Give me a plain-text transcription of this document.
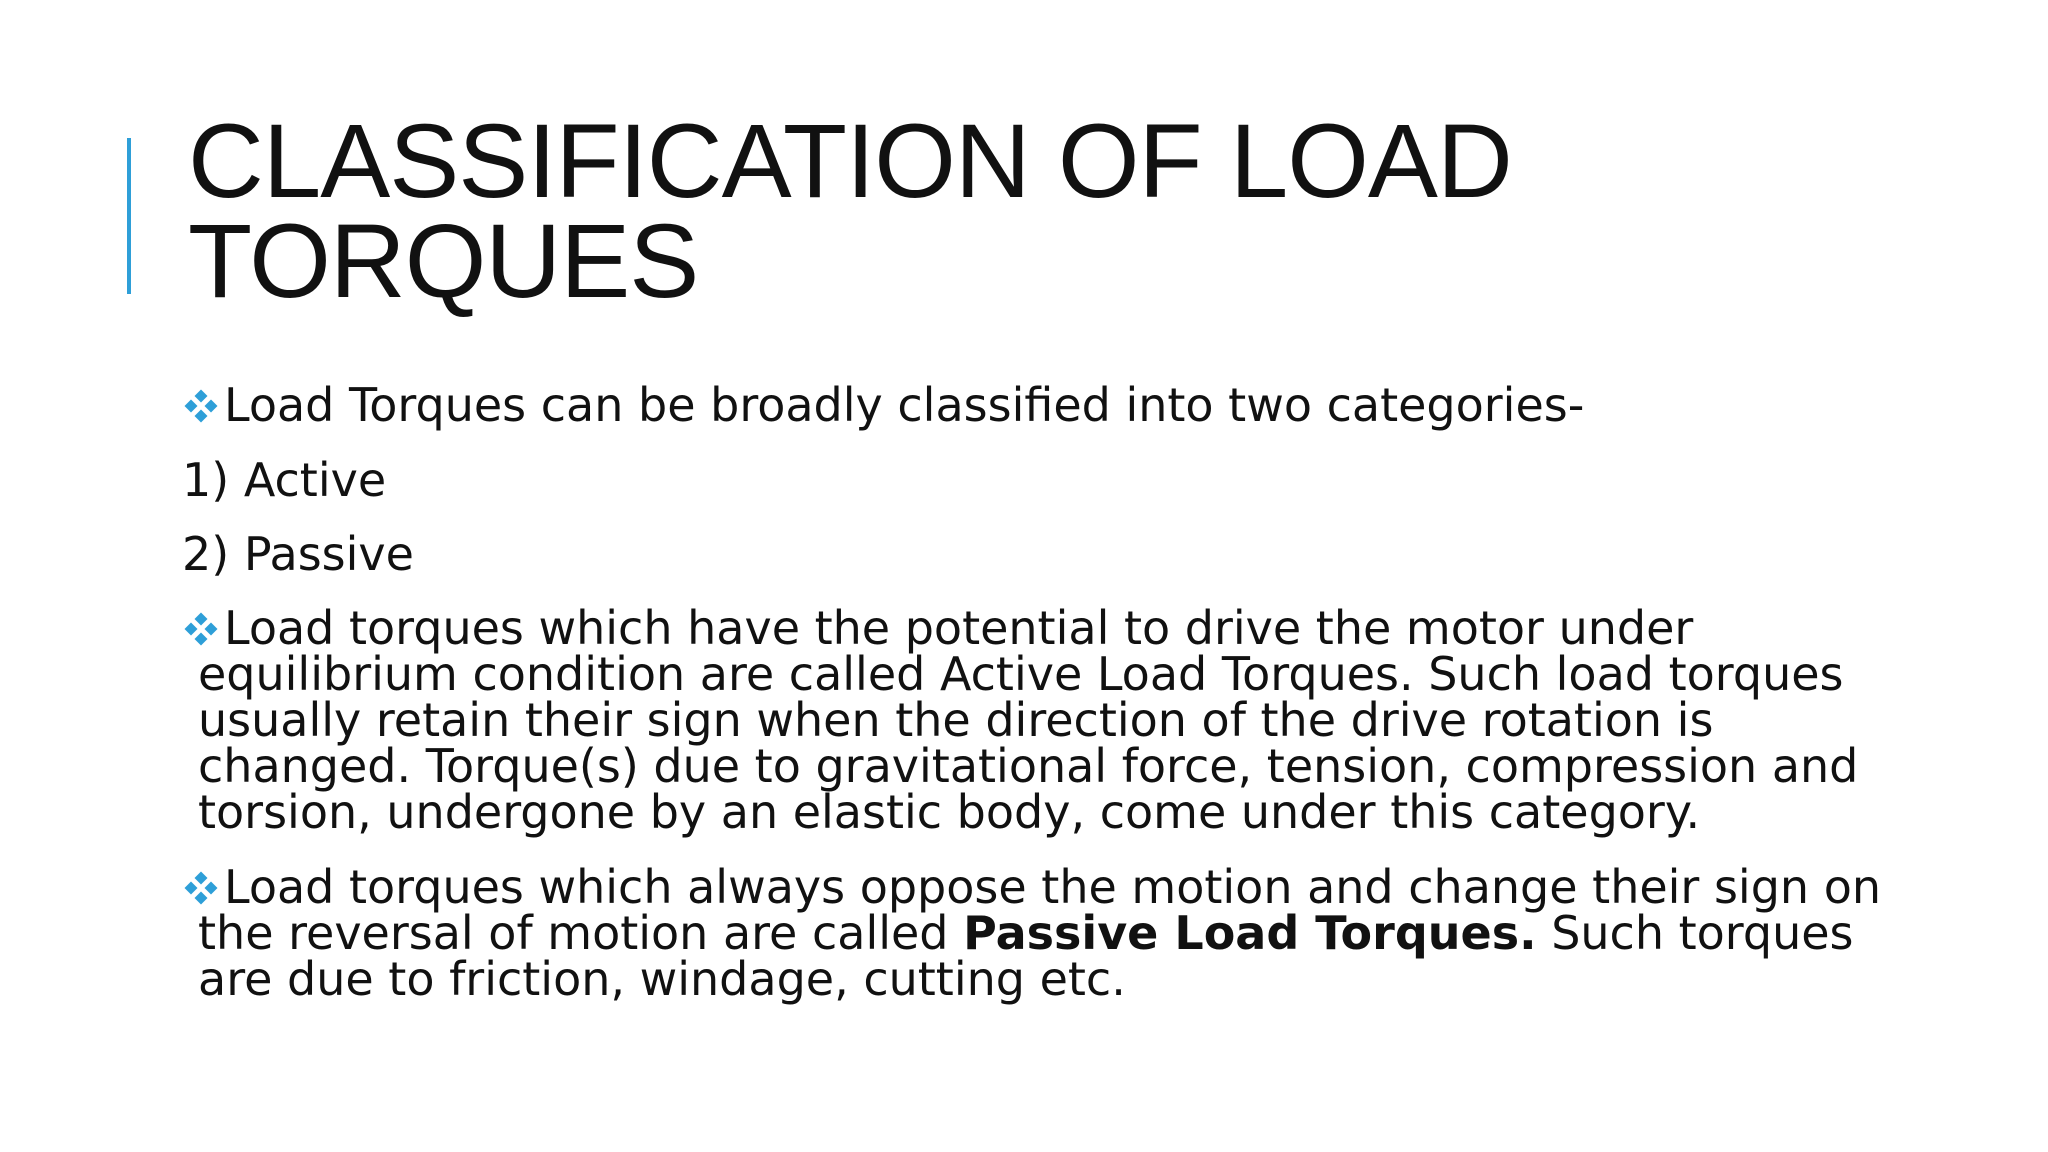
CLASSIFICATION OF LOAD TORQUES

Load Torques can be broadly classified into two categories-

1) Active

2) Passive

Load torques which have the potential to drive the motor under equilibrium condition are called Active Load Torques. Such load torques usually retain their sign when the direction of the drive rotation is changed. Torque(s) due to gravitational force, tension, compression and torsion, undergone by an elastic body, come under this category.

Load torques which always oppose the motion and change their sign on the reversal of motion are called Passive Load Torques. Such torques are due to friction, windage, cutting etc.
